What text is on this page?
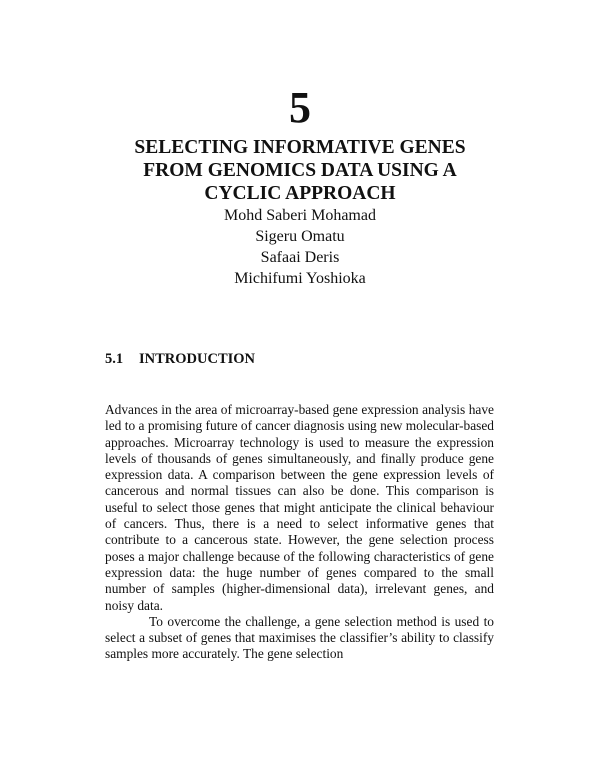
5
SELECTING INFORMATIVE GENES
FROM GENOMICS DATA USING A
CYCLIC APPROACH
Mohd Saberi Mohamad
Sigeru Omatu
Safaai Deris
Michifumi Yoshioka
5.1 INTRODUCTION

Advances in the area of microarray-based gene expression analysis have led to a promising future of cancer diagnosis using new molecular-based approaches. Microarray technology is used to measure the expression levels of thousands of genes simultaneously, and finally produce gene expression data. A comparison between the gene expression levels of cancerous and normal tissues can also be done. This comparison is useful to select those genes that might anticipate the clinical behaviour of cancers. Thus, there is a need to select informative genes that contribute to a cancerous state. However, the gene selection process poses a major challenge because of the following characteristics of gene expression data: the huge number of genes compared to the small number of samples (higher-dimensional data), irrelevant genes, and noisy data.

To overcome the challenge, a gene selection method is used to select a subset of genes that maximises the classifier’s ability to classify samples more accurately. The gene selection
